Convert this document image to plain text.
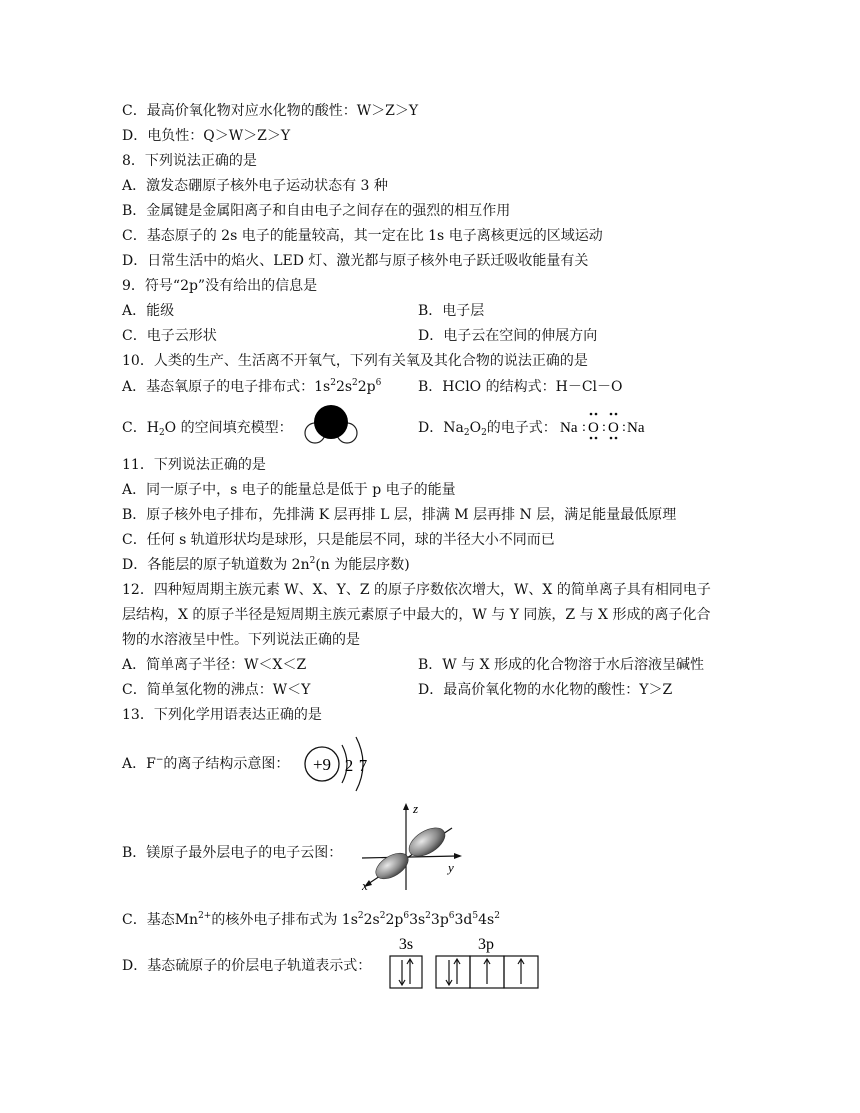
C．最高价氧化物对应水化物的酸性：W＞Z＞Y
D．电负性：Q＞W＞Z＞Y
8．下列说法正确的是
A．激发态硼原子核外电子运动状态有 3 种
B．金属键是金属阳离子和自由电子之间存在的强烈的相互作用
C．基态原子的 2s 电子的能量较高，其一定在比 1s 电子离核更远的区域运动
D．日常生活中的焰火、LED 灯、激光都与原子核外电子跃迁吸收能量有关
9．符号“2p”没有给出的信息是
A．能级	B．电子层
C．电子云形状	D．电子云在空间的伸展方向
10．人类的生产、生活离不开氧气，下列有关氧及其化合物的说法正确的是
A．基态氧原子的电子排布式：$1s^22s^22p^6$	B．HClO 的结构式：H－Cl－O
C．$H_2O$ 的空间填充模型：	D．$Na_2O_2$的电子式： Na : O : O : Na
11．下列说法正确的是
A．同一原子中，s 电子的能量总是低于 p 电子的能量
B．原子核外电子排布，先排满 K 层再排 L 层，排满 M 层再排 N 层，满足能量最低原理
C．任何 s 轨道形状均是球形，只是能层不同，球的半径大小不同而已
D．各能层的原子轨道数为 $2n^2(n$ 为能层序数)
12．四种短周期主族元素 W、X、Y、Z 的原子序数依次增大，W、X 的简单离子具有相同电子
层结构，X 的原子半径是短周期主族元素原子中最大的，W 与 Y 同族，Z 与 X 形成的离子化合
物的水溶液呈中性。下列说法正确的是
A．简单离子半径：W＜X＜Z	B．W 与 X 形成的化合物溶于水后溶液呈碱性
C．简单氢化物的沸点：W＜Y	D．最高价氧化物的水化物的酸性：Y＞Z
13．下列化学用语表达正确的是
A．F−的离子结构示意图： +9 2 7
B．镁原子最外层电子的电子云图：
z
x
y
C．基态$Mn^{2+}$的核外电子排布式为 $1s^22s^22p^63s^23p^63d^54s^2$
D．基态硫原子的价层电子轨道表示式：
3s	3p
